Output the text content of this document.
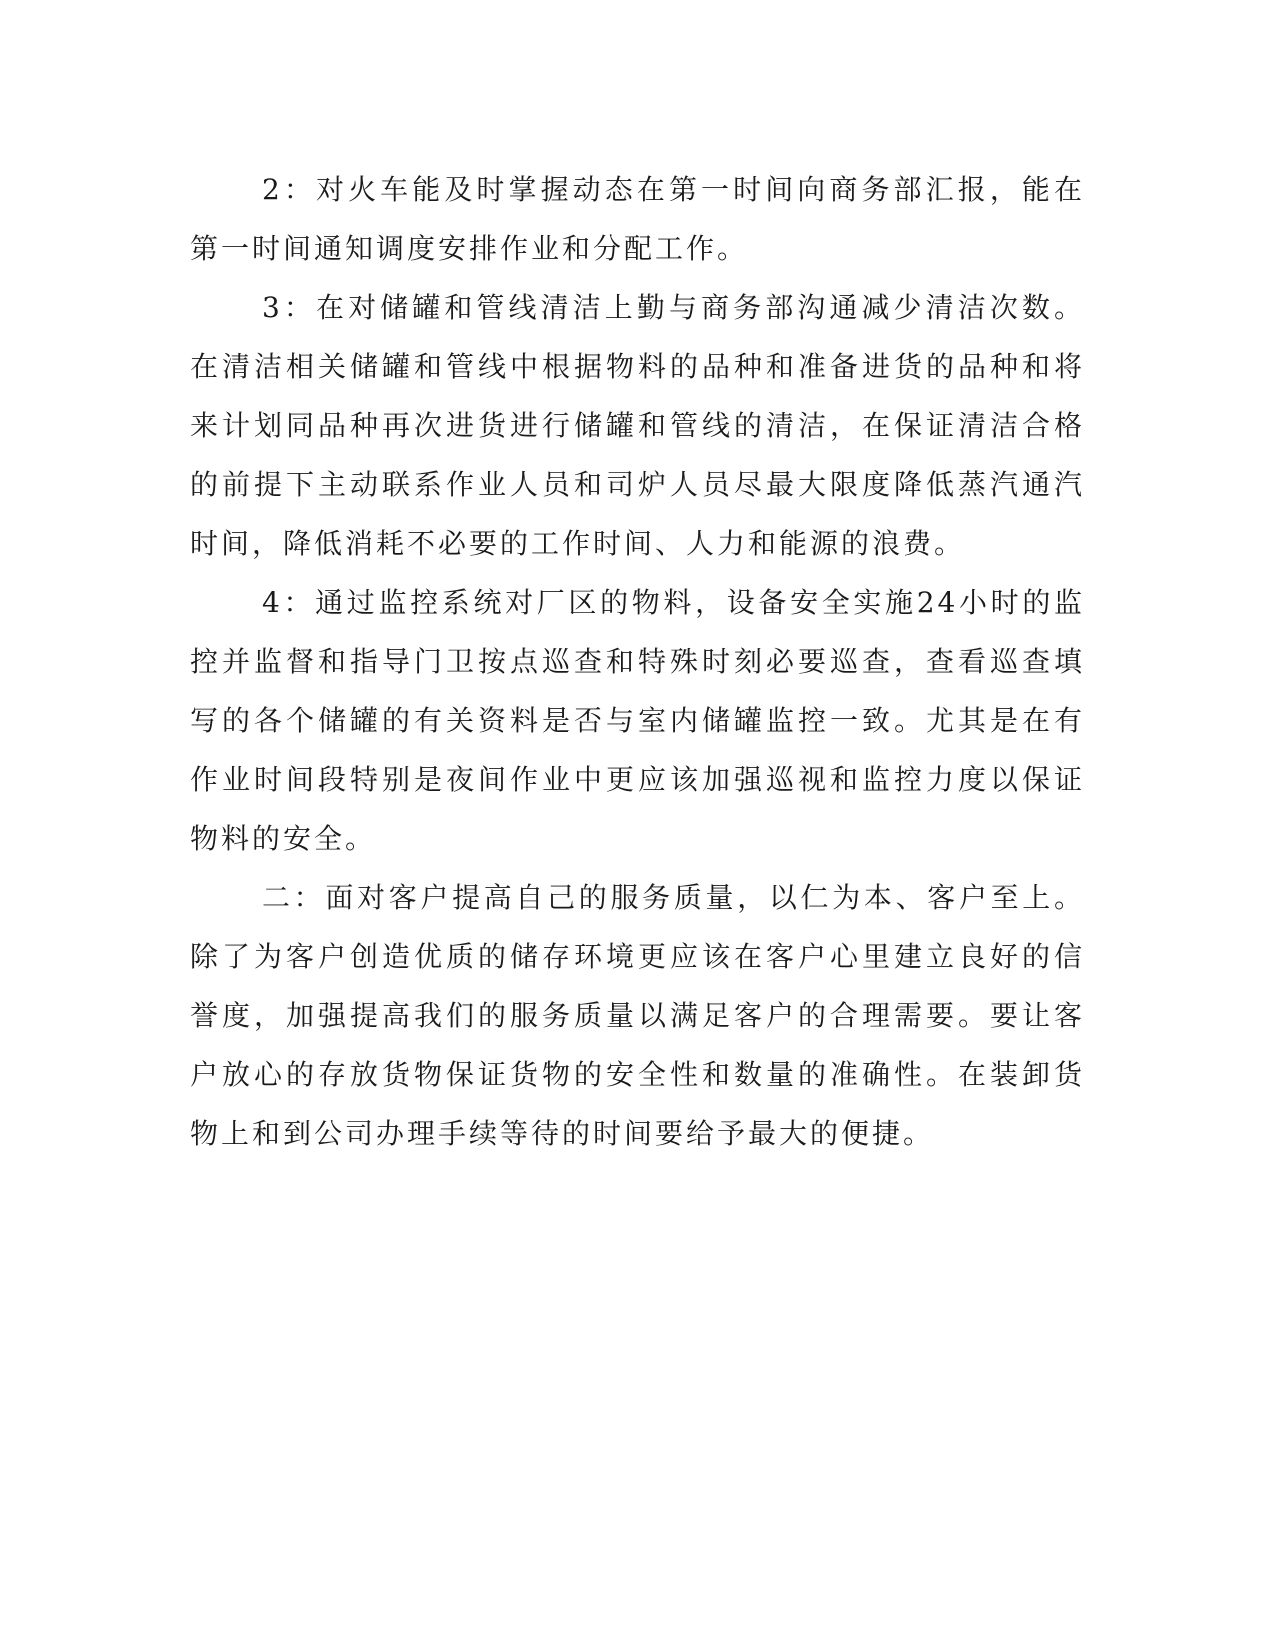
2：对火车能及时掌握动态在第一时间向商务部汇报，能在第一时间通知调度安排作业和分配工作。

3：在对储罐和管线清洁上勤与商务部沟通减少清洁次数。在清洁相关储罐和管线中根据物料的品种和准备进货的品种和将来计划同品种再次进货进行储罐和管线的清洁，在保证清洁合格的前提下主动联系作业人员和司炉人员尽最大限度降低蒸汽通汽时间，降低消耗不必要的工作时间、人力和能源的浪费。

4：通过监控系统对厂区的物料，设备安全实施24小时的监控并监督和指导门卫按点巡查和特殊时刻必要巡查，查看巡查填写的各个储罐的有关资料是否与室内储罐监控一致。尤其是在有作业时间段特别是夜间作业中更应该加强巡视和监控力度以保证物料的安全。

二：面对客户提高自己的服务质量，以仁为本、客户至上。除了为客户创造优质的储存环境更应该在客户心里建立良好的信誉度，加强提高我们的服务质量以满足客户的合理需要。要让客户放心的存放货物保证货物的安全性和数量的准确性。在装卸货物上和到公司办理手续等待的时间要给予最大的便捷。
